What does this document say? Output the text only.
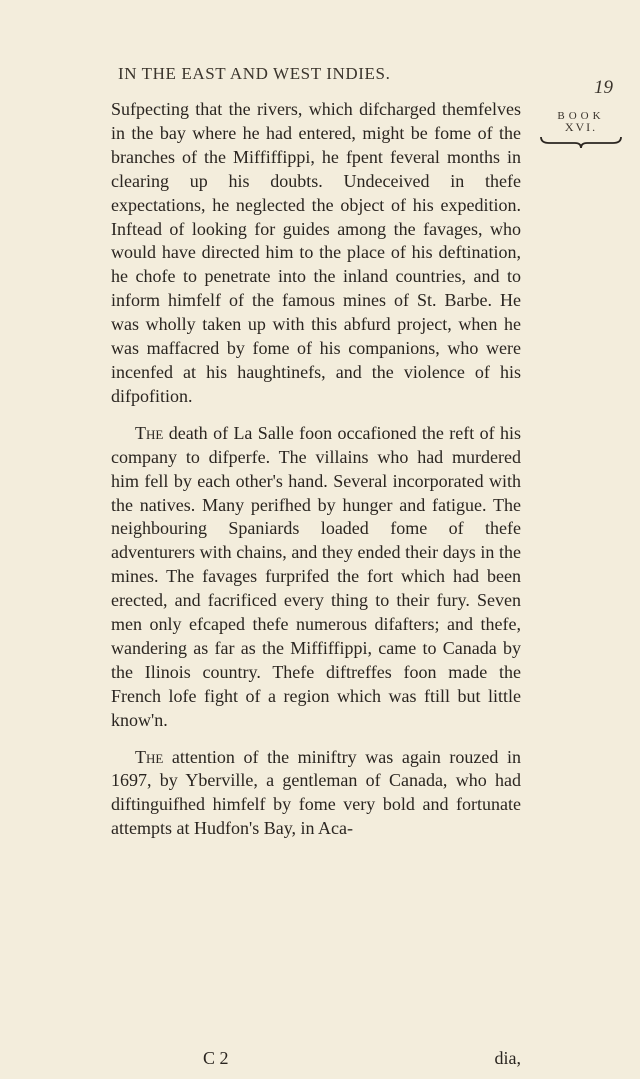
IN THE EAST AND WEST INDIES.
19
BOOK
XVI.

Sufpecting that the rivers, which difcharged themfelves in the bay where he had entered, might be fome of the branches of the Miffiffippi, he fpent feveral months in clearing up his doubts. Undeceived in thefe expectations, he neglected the object of his expedition. Inftead of looking for guides among the favages, who would have directed him to the place of his deftination, he chofe to penetrate into the inland countries, and to inform himfelf of the famous mines of St. Barbe. He was wholly taken up with this abfurd project, when he was maffacred by fome of his companions, who were incenfed at his haughtinefs, and the violence of his difpofition.

The death of La Salle foon occafioned the reft of his company to difperfe. The villains who had murdered him fell by each other's hand. Several incorporated with the natives. Many perifhed by hunger and fatigue. The neighbouring Spaniards loaded fome of thefe adventurers with chains, and they ended their days in the mines. The favages furprifed the fort which had been erected, and facrificed every thing to their fury. Seven men only efcaped thefe numerous difafters; and thefe, wandering as far as the Miffiffippi, came to Canada by the Ilinois country. Thefe diftreffes foon made the French lofe fight of a region which was ftill but little know'n.

The attention of the miniftry was again rouzed in 1697, by Yberville, a gentleman of Canada, who had diftinguifhed himfelf by fome very bold and fortunate attempts at Hudfon's Bay, in Aca-

C 2	dia,
